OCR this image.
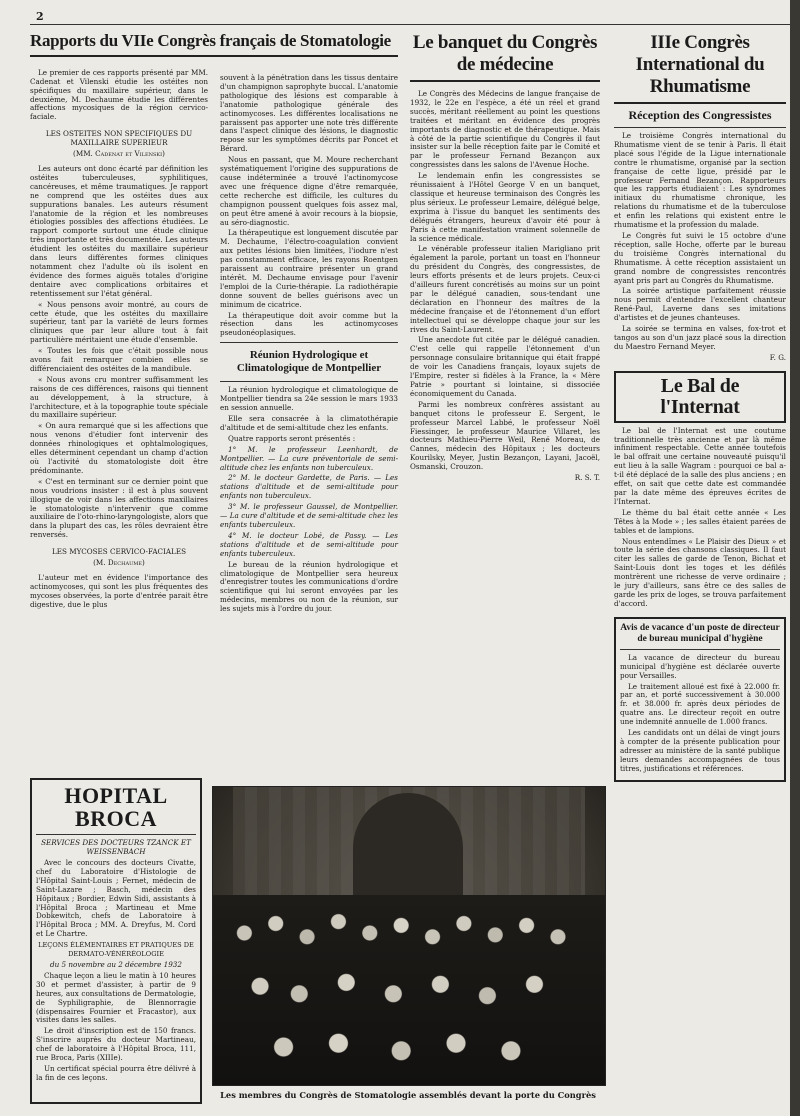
2
Rapports du VIIe Congrès français de Stomatologie

Le premier de ces rapports présenté par MM. Cadenat et Vilenski étudie les ostéites non spécifiques du maxillaire supérieur, dans le deuxième, M. Dechaume étudie les différentes affections mycosiques de la région cervico-faciale.

LES OSTEITES NON SPECIFIQUES DU MAXILLAIRE SUPERIEUR

(MM. Cadenat et Vilenski)

Les auteurs ont donc écarté par définition les ostéites tuberculeuses, syphilitiques, cancéreuses, et même traumatiques. Je rapport ne comprend que les ostéites dues aux suppurations banales. Les auteurs résument l'anatomie de la région et les nombreuses étiologies possibles des affections étudiées. Le rapport comporte surtout une étude clinique très importante et très documentée. Les auteurs étudient les ostéites du maxillaire supérieur dans leurs différentes formes cliniques notamment chez l'adulte où ils isolent en évidence des formes aiguës totales d'origine dentaire avec complications orbitaires et retentissement sur l'état général.

« Nous pensons avoir montré, au cours de cette étude, que les ostéites du maxillaire supérieur, tant par la variété de leurs formes cliniques que par leur allure tout à fait particulière méritaient une étude d'ensemble.

« Toutes les fois que c'était possible nous avons fait remarquer combien elles se différenciaient des ostéites de la mandibule.

« Nous avons cru montrer suffisamment les raisons de ces différences, raisons qui tiennent au développement, à la structure, à l'architecture, et à la topographie toute spéciale du maxillaire supérieur.

« On aura remarqué que si les affections que nous venons d'étudier font intervenir des données rhinologiques et ophtalmologiques, elles déterminent cependant un champ d'action où l'activité du stomatologiste doit être prédominante.

« C'est en terminant sur ce dernier point que nous voudrions insister : il est à plus souvent illogique de voir dans les affections maxillaires le stomatologiste n'intervenir que comme auxiliaire de l'oto-rhino-laryngologiste, alors que dans la plupart des cas, les rôles devraient être renversés.

LES MYCOSES CERVICO-FACIALES

(M. Dechaume)

L'auteur met en évidence l'importance des actinomycoses, qui sont les plus fréquentes des mycoses observées, la porte d'entrée parait être digestive, due le plus

souvent à la pénétration dans les tissus dentaire d'un champignon saprophyte buccal. L'anatomie pathologique des lésions est comparable à l'anatomie pathologique générale des actinomycoses. Les différentes localisations ne paraissent pas apporter une note très différente dans l'aspect clinique des lésions, le diagnostic repose sur les symptômes décrits par Poncet et Bérard.

Nous en passant, que M. Moure recherchant systématiquement l'origine des suppurations de cause indéterminée a trouvé l'actinomycose avec une fréquence digne d'être remarquée, cette recherche est difficile, les cultures du champignon poussent quelques fois assez mal, on peut être amené à avoir recours à la biopsie, au séro-diagnostic.

La thérapeutique est longuement discutée par M. Dechaume, l'électro-coagulation convient aux petites lésions bien limitées, l'iodure n'est pas constamment efficace, les rayons Roentgen paraissent au contraire présenter un grand intérêt. M. Dechaume envisage pour l'avenir l'emploi de la Curie-thérapie. La radiothérapie donne souvent de belles guérisons avec un minimum de cicatrice.

La thérapeutique doit avoir comme but la résection dans les actinomycoses pseudonéoplasiques.

Réunion Hydrologique et Climatologique de Montpellier

La réunion hydrologique et climatologique de Montpellier tiendra sa 24e session le mars 1933 en session annuelle.

Elle sera consacrée à la climatothérapie d'altitude et de semi-altitude chez les enfants.

Quatre rapports seront présentés :

1° M. le professeur Leenhardt, de Montpellier. — La cure préventoriale de semi-altitude chez les enfants non tuberculeux.

2° M. le docteur Gardette, de Paris. — Les stations d'altitude et de semi-altitude pour enfants non tuberculeux.

3° M. le professeur Gaussel, de Montpellier. — La cure d'altitude et de semi-altitude chez les enfants tuberculeux.

4° M. le docteur Lobé, de Passy. — Les stations d'altitude et de semi-altitude pour enfants tuberculeux.

Le bureau de la réunion hydrologique et climatologique de Montpellier sera heureux d'enregistrer toutes les communications d'ordre scientifique qui lui seront envoyées par les médecins, membres ou non de la réunion, sur les sujets mis à l'ordre du jour.

Le banquet du Congrès de médecine

Le Congrès des Médecins de langue française de 1932, le 22e en l'espèce, a été un réel et grand succès, méritant réellement au point les questions traitées et méritant en évidence des progrès importants de diagnostic et de thérapeutique. Mais à côté de la partie scientifique du Congrès il faut insister sur la belle réception faite par le Comité et par le professeur Fernand Bezançon aux congressistes dans les salons de l'Avenue Hoche.

Le lendemain enfin les congressistes se réunissaient à l'Hôtel George V en un banquet, classique et heureuse terminaison des Congrès les plus sérieux. Le professeur Lemaire, délégué belge, exprima à l'issue du banquet les sentiments des délégués étrangers, heureux d'avoir été pour à Paris à cette manifestation vraiment solennelle de la science médicale.

Le vénérable professeur italien Marigliano prit également la parole, portant un toast en l'honneur du président du Congrès, des congressistes, de leurs efforts présents et de leurs projets. Ceux-ci d'ailleurs furent concrétisés au moins sur un point par le délégué canadien, sous-tendant une déclaration en l'honneur des maîtres de la médecine française et de l'étonnement d'un effort intellectuel qui se développe chaque jour sur les rives du Saint-Laurent.

Une anecdote fut citée par le délégué canadien. C'est celle qui rappelle l'étonnement d'un personnage consulaire britannique qui était frappé de voir les Canadiens français, loyaux sujets de l'Empire, rester si fidèles à la France, la « Mère Patrie » pourtant si lointaine, si dissociée économiquement du Canada.

Parmi les nombreux confrères assistant au banquet citons le professeur E. Sergent, le professeur Marcel Labbé, le professeur Noël Fiessinger, le professeur Maurice Villaret, les docteurs Mathieu-Pierre Weil, René Moreau, de Cannes, médecin des Hôpitaux ; les docteurs Kourilsky, Meyer, Justin Bezançon, Layani, Jacoël, Osmanski, Crouzon.

R. S. T.

IIIe Congrès International du Rhumatisme
Réception des Congressistes

Le troisième Congrès international du Rhumatisme vient de se tenir à Paris. Il était placé sous l'égide de la Ligue internationale contre le rhumatisme, organisé par la section française de cette ligue, présidé par le professeur Fernand Bezançon. Rapporteurs que les rapports étudiaient : Les syndromes initiaux du rhumatisme chronique, les relations du rhumatisme et de la tuberculose et enfin les relations qui existent entre le rhumatisme et la profession du malade.

Le Congrès fut suivi le 15 octobre d'une réception, salle Hoche, offerte par le bureau du troisième Congrès international du Rhumatisme. À cette réception assistaient un grand nombre de congressistes rencontrés ayant pris part au Congrès du Rhumatisme.

La soirée artistique parfaitement réussie nous permit d'entendre l'excellent chanteur René-Paul, Laverne dans ses imitations d'artistes et de jeunes chanteuses.

La soirée se termina en valses, fox-trot et tangos au son d'un jazz placé sous la direction du Maestro Fernand Meyer.

F. G.

Le Bal de l'Internat

Le bal de l'Internat est une coutume traditionnelle très ancienne et par là même infiniment respectable. Cette année toutefois le bal offrait une certaine nouveauté puisqu'il eut lieu à la salle Wagram : pourquoi ce bal a-t-il été déplacé de la salle des plus anciens ; en effet, on sait que cette date est commandée par la date même des épreuves écrites de l'Internat.

Le thème du bal était cette année « Les Têtes à la Mode » ; les salles étaient parées de tables et de lampions.

Nous entendîmes « Le Plaisir des Dieux » et toute la série des chansons classiques. Il faut citer les salles de garde de Tenon, Bichat et Saint-Louis dont les toges et les défilés montrèrent une richesse de verve ordinaire ; le jury d'ailleurs, sans être ce des salles de garde les prix de loges, se trouva parfaitement d'accord.

Avis de vacance d'un poste de directeur de bureau municipal d'hygiène

La vacance de directeur du bureau municipal d'hygiène est déclarée ouverte pour Versailles.

Le traitement alloué est fixé à 22.000 fr. par an, et porté successivement à 30.000 fr. et 38.000 fr. après deux périodes de quatre ans. Le directeur reçoit en outre une indemnité annuelle de 1.000 francs.

Les candidats ont un délai de vingt jours à compter de la présente publication pour adresser au ministère de la santé publique leurs demandes accompagnées de tous titres, justifications et références.

HOPITAL BROCA

SERVICES DES DOCTEURS TZANCK ET WEISSENBACH

Avec le concours des docteurs Civatte, chef du Laboratoire d'Histologie de l'Hôpital Saint-Louis ; Fernet, médecin de Saint-Lazare ; Basch, médecin des Hôpitaux ; Bordier, Edwin Sidi, assistants à l'Hôpital Broca ; Martineau et Mme Dobkewitch, chefs de Laboratoire à l'Hôpital Broca ; MM. A. Dreyfus, M. Cord et Le Chartre.

LEÇONS ÉLÉMENTAIRES ET PRATIQUES DE DERMATO-VÉNÉRÉOLOGIE

du 5 novembre au 2 décembre 1932

Chaque leçon a lieu le matin à 10 heures 30 et permet d'assister, à partir de 9 heures, aux consultations de Dermatologie, de Syphiligraphie, de Blennorragie (dispensaires Fournier et Fracastor), aux visites dans les salles.

Le droit d'inscription est de 150 francs. S'inscrire auprès du docteur Martineau, chef de laboratoire à l'Hôpital Broca, 111, rue Broca, Paris (XIIIe).

Un certificat spécial pourra être délivré à la fin de ces leçons.

Les membres du Congrès de Stomatologie assemblés devant la porte du Congrès
